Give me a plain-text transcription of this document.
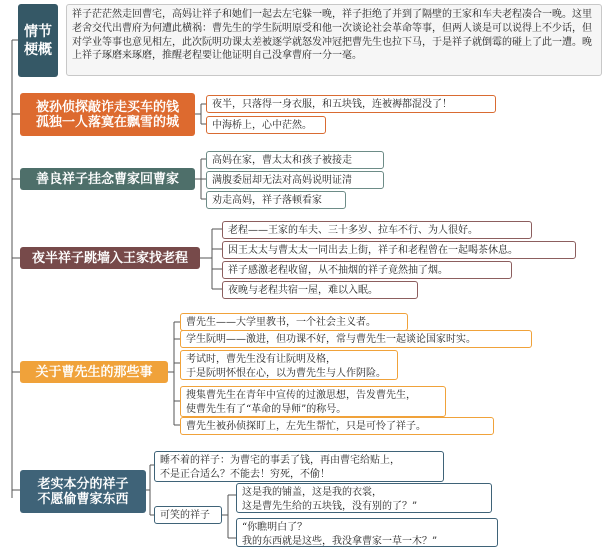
情节
梗概
祥子茫茫然走回曹宅，高妈让祥子和她们一起去左宅躲一晚，祥子拒绝了并到了隔壁的王家和车夫老程凑合一晚。这里老舍交代出曹府为何遭此横祸：曹先生的学生阮明原受和他一次谈论社会革命等事，但两人谈是可以说得上不少话，但对学业等事也意见相左，此次阮明功课太差被逐学就怒发冲冠把曹先生也拉下马，于是祥子就倒霉的碰上了此一遭。晚上祥子琢磨来琢磨，推醒老程要让他证明自己没拿曹府一分一毫。
被孙侦探敲诈走买车的钱
孤独一人落寞在飘雪的城
夜半，只落得一身衣服，和五块钱，连被褥都混没了！
中海桥上，心中茫然。
善良祥子挂念曹家回曹家
高妈在家，曹太太和孩子被接走
满腹委屈却无法对高妈说明证清
劝走高妈，祥子落顿看家
夜半祥子跳墙入王家找老程
老程——王家的车夫、三十多岁、拉车不行、为人很好。
因王太太与曹太太一同出去上街，祥子和老程曾在一起喝茶休息。
祥子感激老程收留，从不抽烟的祥子竟然抽了烟。
夜晚与老程共宿一屋，难以入眠。
关于曹先生的那些事
曹先生——大学里教书，一个社会主义者。
学生阮明——激进，但功课不好，常与曹先生一起谈论国家时实。
考试时，曹先生没有让阮明及格，
于是阮明怀恨在心，以为曹先生与人作阴险。
搜集曹先生在青年中宣传的过激思想，告发曹先生，
使曹先生有了“革命的导师”的称号。
曹先生被孙侦探盯上，左先生帮忙，只是可怜了祥子。
老实本分的祥子
不愿偷曹家东西
睡不着的祥子：为曹宅的事丢了钱，再由曹宅给贴上，
不是正合适么？不能去！穷死，不偷！
可笑的祥子
这是我的铺盖，这是我的衣裳，
这是曹先生给的五块钱，没有别的了？”
“你瞧明白了？
我的东西就是这些，我没拿曹家一草一木？”
